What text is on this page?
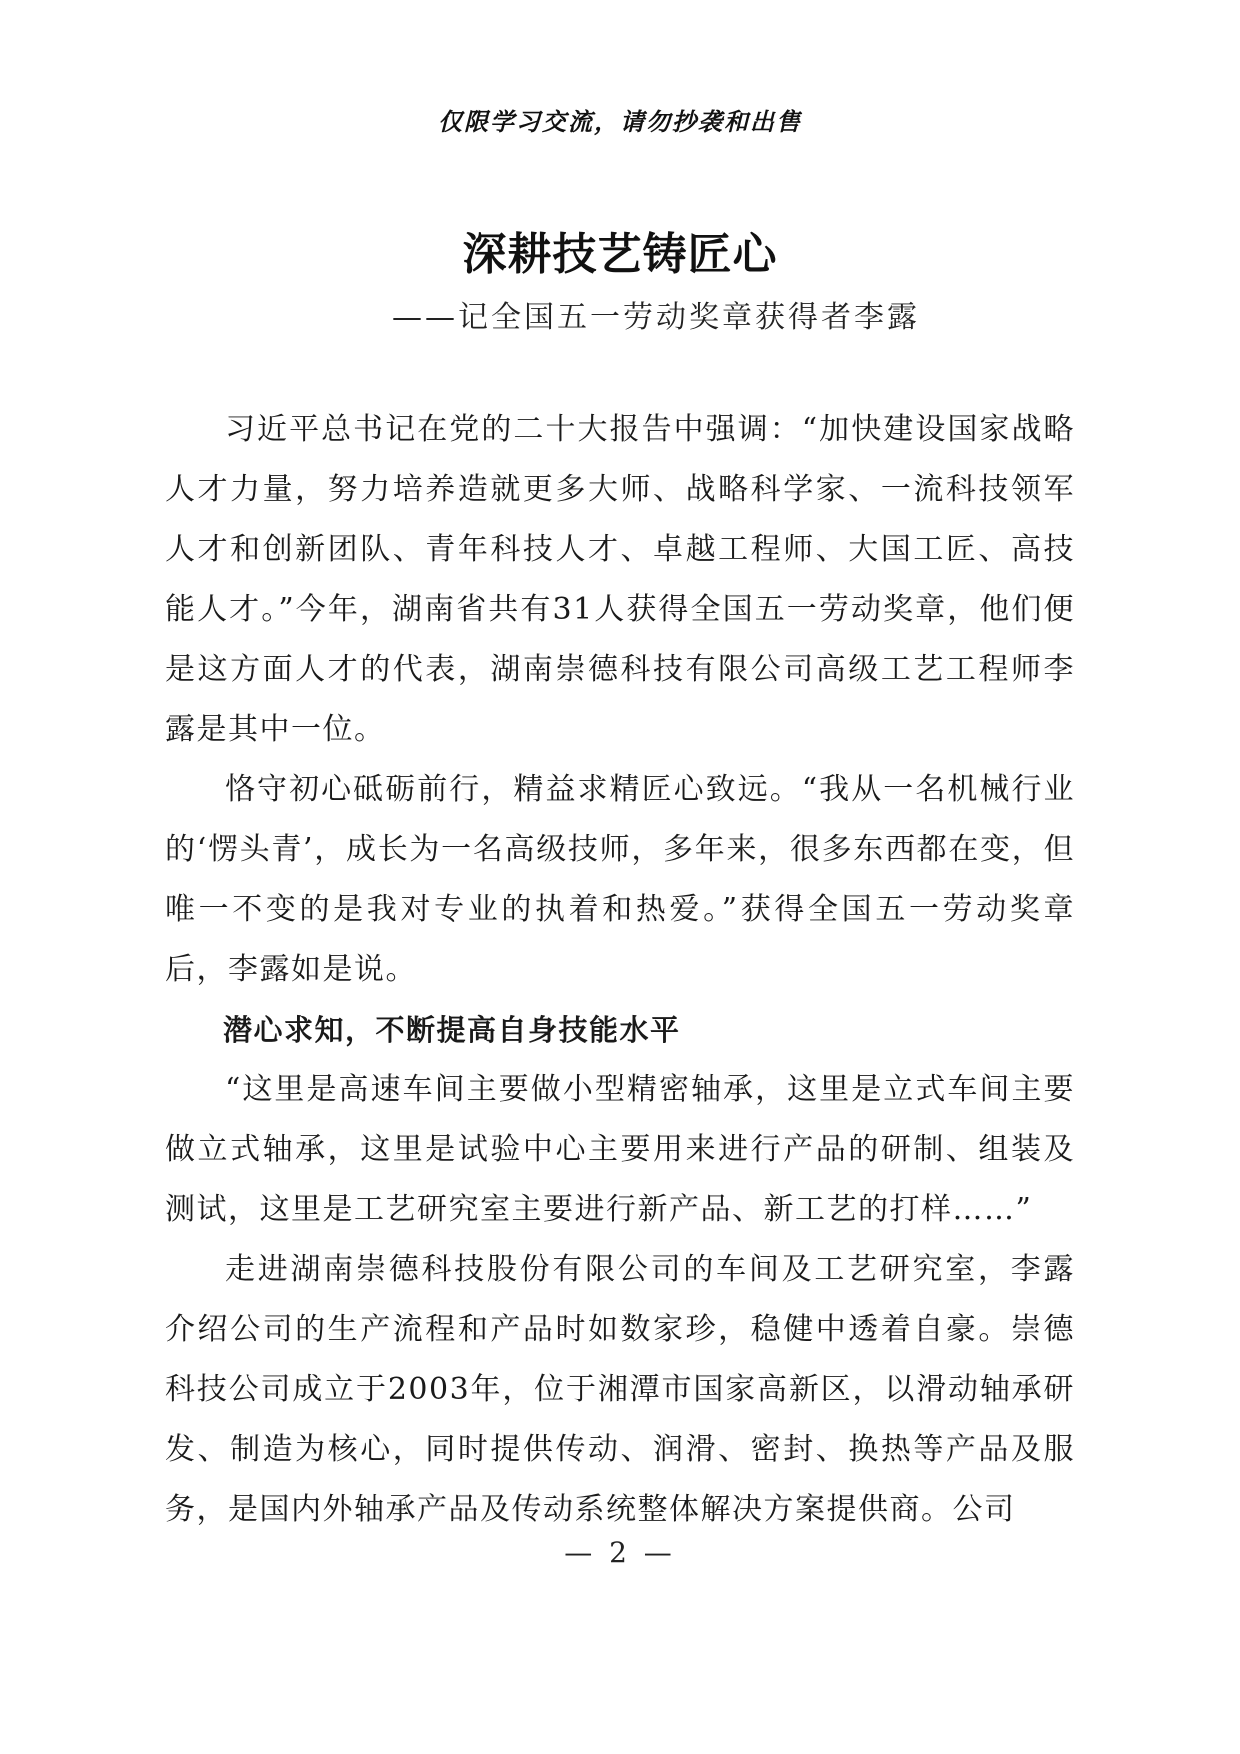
仅限学习交流，请勿抄袭和出售
深耕技艺铸匠心
——记全国五一劳动奖章获得者李露

习近平总书记在党的二十大报告中强调：“加快建设国家战略人才力量，努力培养造就更多大师、战略科学家、一流科技领军人才和创新团队、青年科技人才、卓越工程师、大国工匠、高技能人才。”今年，湖南省共有31人获得全国五一劳动奖章，他们便是这方面人才的代表，湖南崇德科技有限公司高级工艺工程师李露是其中一位。

恪守初心砥砺前行，精益求精匠心致远。“我从一名机械行业的‘愣头青’，成长为一名高级技师，多年来，很多东西都在变，但唯一不变的是我对专业的执着和热爱。”获得全国五一劳动奖章后，李露如是说。

潜心求知，不断提高自身技能水平

“这里是高速车间主要做小型精密轴承，这里是立式车间主要做立式轴承，这里是试验中心主要用来进行产品的研制、组装及测试，这里是工艺研究室主要进行新产品、新工艺的打样……”

走进湖南崇德科技股份有限公司的车间及工艺研究室，李露介绍公司的生产流程和产品时如数家珍，稳健中透着自豪。崇德科技公司成立于2003年，位于湘潭市国家高新区，以滑动轴承研发、制造为核心，同时提供传动、润滑、密封、换热等产品及服务，是国内外轴承产品及传动系统整体解决方案提供商。公司

— 2 —
